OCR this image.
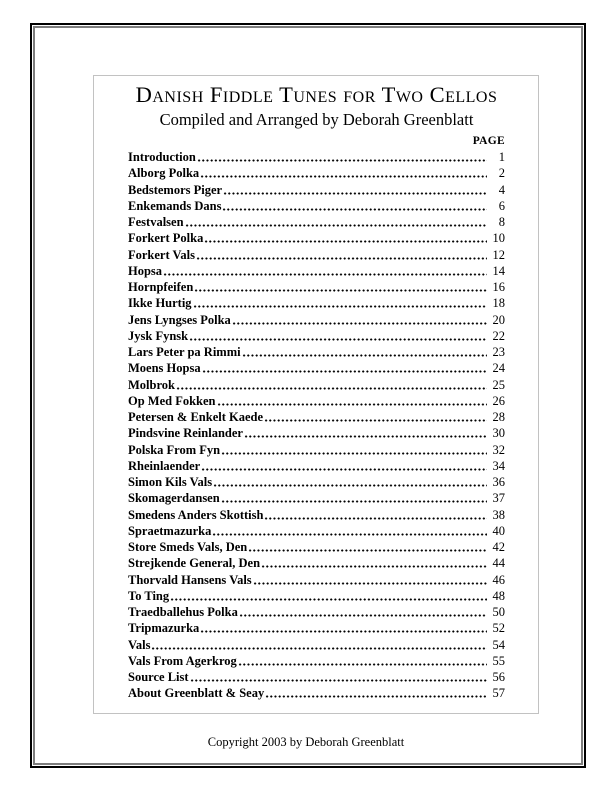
Danish Fiddle Tunes for Two Cellos
Compiled and Arranged by Deborah Greenblatt
PAGE
Introduction	1
Alborg Polka	2
Bedstemors Piger	4
Enkemands Dans	6
Festvalsen	8
Forkert Polka	10
Forkert Vals	12
Hopsa	14
Hornpfeifen	16
Ikke Hurtig	18
Jens Lyngses Polka	20
Jysk Fynsk	22
Lars Peter pa Rimmi	23
Moens Hopsa	24
Molbrok	25
Op Med Fokken	26
Petersen & Enkelt Kaede	28
Pindsvine Reinlander	30
Polska From Fyn	32
Rheinlaender	34
Simon Kils Vals	36
Skomagerdansen	37
Smedens Anders Skottish	38
Spraetmazurka	40
Store Smeds Vals, Den	42
Strejkende General, Den	44
Thorvald Hansens Vals	46
To Ting	48
Traedballehus Polka	50
Tripmazurka	52
Vals	54
Vals From Agerkrog	55
Source List	56
About Greenblatt & Seay	57
Copyright 2003 by Deborah Greenblatt
